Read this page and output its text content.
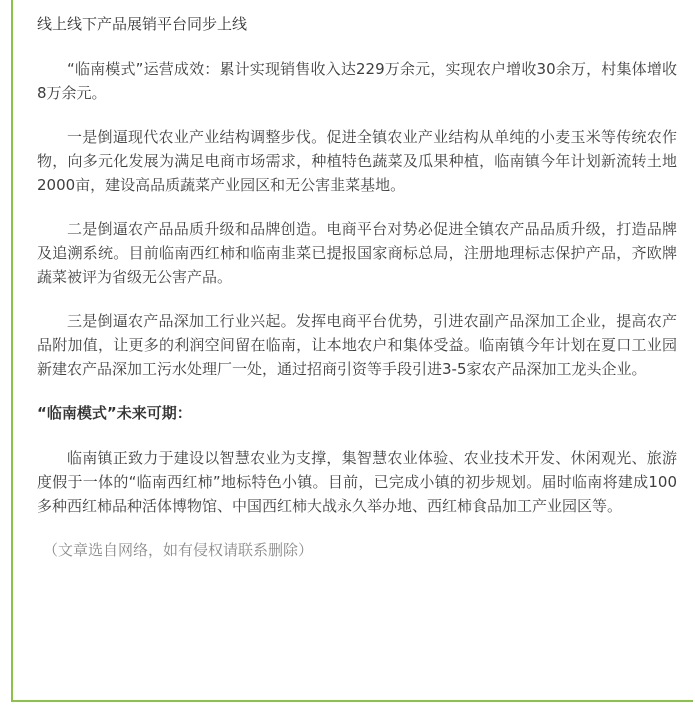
线上线下产品展销平台同步上线

“临南模式”运营成效：累计实现销售收入达229万余元，实现农户增收30余万，村集体增收8万余元。

一是倒逼现代农业产业结构调整步伐。促进全镇农业产业结构从单纯的小麦玉米等传统农作物，向多元化发展为满足电商市场需求，种植特色蔬菜及瓜果种植，临南镇今年计划新流转土地2000亩，建设高品质蔬菜产业园区和无公害韭菜基地。

二是倒逼农产品品质升级和品牌创造。电商平台对势必促进全镇农产品品质升级，打造品牌及追溯系统。目前临南西红柿和临南韭菜已提报国家商标总局，注册地理标志保护产品，齐欧牌蔬菜被评为省级无公害产品。

三是倒逼农产品深加工行业兴起。发挥电商平台优势，引进农副产品深加工企业，提高农产品附加值，让更多的利润空间留在临南，让本地农户和集体受益。临南镇今年计划在夏口工业园新建农产品深加工污水处理厂一处，通过招商引资等手段引进3-5家农产品深加工龙头企业。

“临南模式”未来可期：

临南镇正致力于建设以智慧农业为支撑，集智慧农业体验、农业技术开发、休闲观光、旅游度假于一体的“临南西红柿”地标特色小镇。目前，已完成小镇的初步规划。届时临南将建成100多种西红柿品种活体博物馆、中国西红柿大战永久举办地、西红柿食品加工产业园区等。

（文章选自网络，如有侵权请联系删除）
